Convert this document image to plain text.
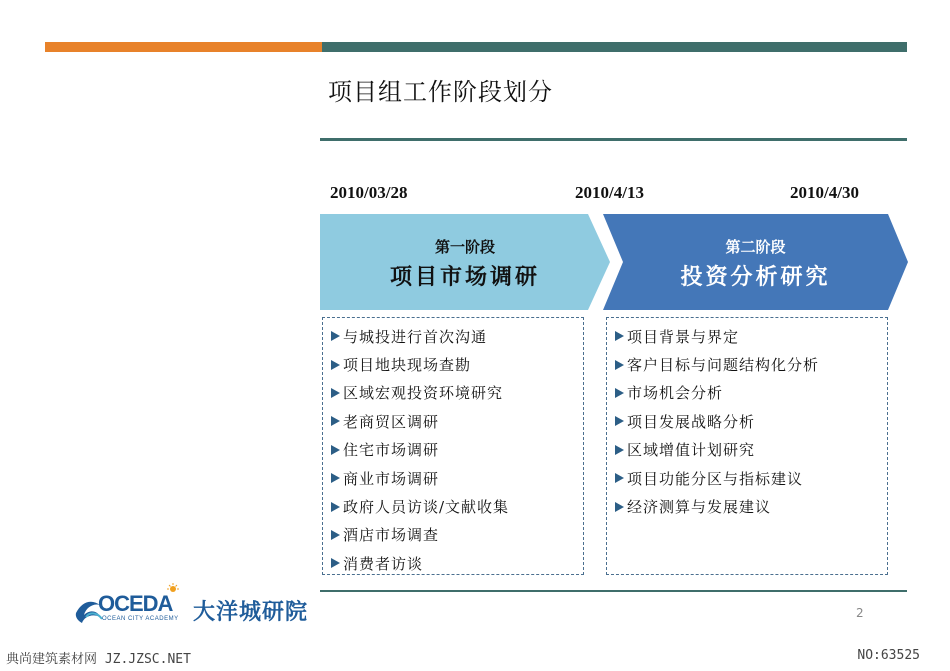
项目组工作阶段划分
2010/03/28	2010/4/13	2010/4/30
第一阶段
项目市场调研
第二阶段
投资分析研究
与城投进行首次沟通
项目地块现场查勘
区域宏观投资环境研究
老商贸区调研
住宅市场调研
商业市场调研
政府人员访谈/文献收集
酒店市场调查
消费者访谈
项目背景与界定
客户目标与问题结构化分析
市场机会分析
项目发展战略分析
区域增值计划研究
项目功能分区与指标建议
经济测算与发展建议
2
OCEDA
OCEAN CITY ACADEMY 大洋城研院
典尚建筑素材网 JZ.JZSC.NET	NO:63525
